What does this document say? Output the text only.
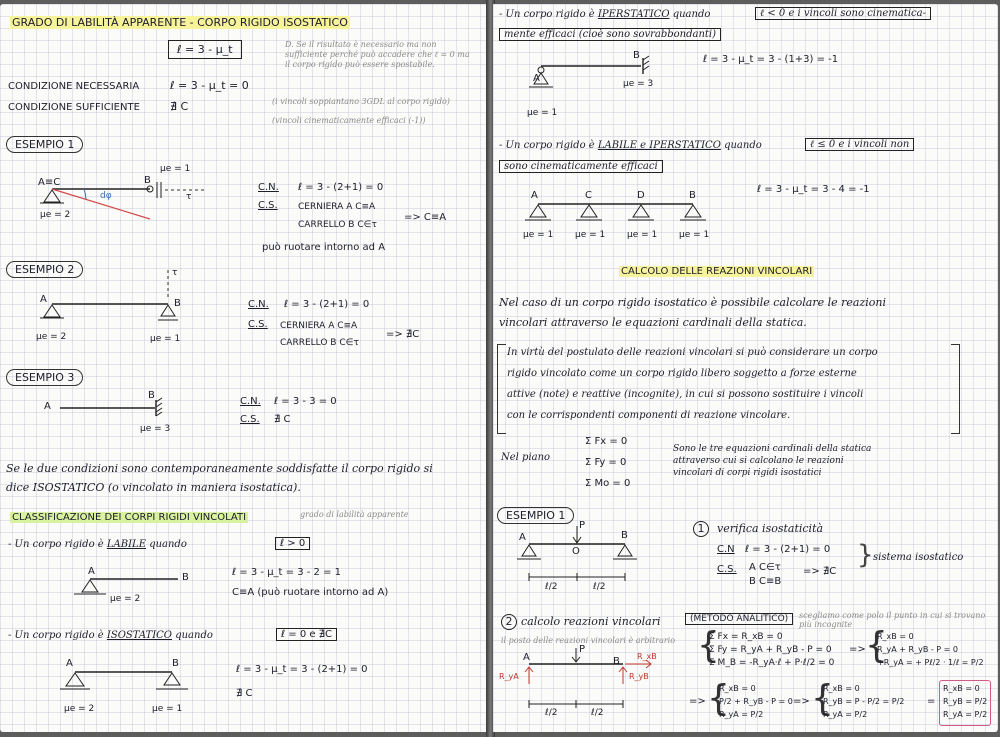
GRADO DI LABILITÀ APPARENTE - CORPO RIGIDO ISOSTATICO
ℓ = 3 - μ_t	D. Se il risultato è necessario ma non sufficiente perché può accadere che ℓ = 0 ma il corpo rigido può essere spostabile.
CONDIZIONE NECESSARIA	ℓ = 3 - μ_t = 0
CONDIZIONE SUFFICIENTE	∄ C	(i vincoli soppiantano 3GDL al corpo rigido)
(vincoli cinematicamente efficaci (-1))
ESEMPIO 1
A≡C	B
μe = 1
μe = 2
dφ	τ
C.N. ℓ = 3 - (2+1) = 0
C.S. CERNIERA A C≡A
CARRELLO B C∈τ
=> C≡A
può ruotare intorno ad A
ESEMPIO 2
A	B
τ
μe = 2	μe = 1
C.N. ℓ = 3 - (2+1) = 0
C.S. CERNIERA A C≡A
CARRELLO B C∈τ
=> ∄C
ESEMPIO 3
A
B
μe = 3
C.N. ℓ = 3 - 3 = 0
C.S. ∄ C
Se le due condizioni sono contemporaneamente soddisfatte il corpo rigido si
dice ISOSTATICO (o vincolato in maniera isostatica).
CLASSIFICAZIONE DEI CORPI RIGIDI VINCOLATI	grado di labilità apparente
- Un corpo rigido è LABILE quando	ℓ > 0
A
B
μe = 2
ℓ = 3 - μ_t = 3 - 2 = 1
C≡A (può ruotare intorno ad A)
- Un corpo rigido è ISOSTATICO quando	ℓ = 0 e ∄C
A	B
μe = 2	μe = 1
ℓ = 3 - μ_t = 3 - (2+1) = 0
∄ C
- Un corpo rigido è IPERSTATICO quando	ℓ < 0 e i vincoli sono cinematica-
mente efficaci (cioè sono sovrabbondanti)
A
B
μe = 1
μe = 3
ℓ = 3 - μ_t = 3 - (1+3) = -1
- Un corpo rigido è LABILE e IPERSTATICO quando	ℓ ≤ 0 e i vincoli non
sono cinematicamente efficaci
A	C	D	B
μe = 1 μe = 1 μe = 1 μe = 1
ℓ = 3 - μ_t = 3 - 4 = -1
CALCOLO DELLE REAZIONI VINCOLARI
Nel caso di un corpo rigido isostatico è possibile calcolare le reazioni
vincolari attraverso le equazioni cardinali della statica.
In virtù del postulato delle reazioni vincolari si può considerare un corpo
rigido vincolato come un corpo rigido libero soggetto a forze esterne
attive (note) e reattive (incognite), in cui si possono sostituire i vincoli
con le corrispondenti componenti di reazione vincolare.
Nel piano
Σ Fx = 0
Σ Fy = 0
Σ Mo = 0
Sono le tre equazioni cardinali della statica
attraverso cui si calcolano le reazioni
vincolari di corpi rigidi isostatici
ESEMPIO 1
A
O
B
P
ℓ/2	ℓ/2
1	verifica isostaticità
C.N ℓ = 3 - (2+1) = 0
C.S. A C∈τ
B C≡B
=> ∄C
} sistema isostatico
2 calcolo reazioni vincolari	(METODO ANALITICO)	scegliamo come polo il punto in cui si trovano più incognite
il posto delle reazioni vincolari è arbitrario
A	B
P
R_xB
R_yA	R_yB
ℓ/2	ℓ/2
{
Σ Fx = R_xB = 0
Σ Fy = R_yA + R_yB - P = 0
Σ M_B = -R_yA·ℓ + P·ℓ/2 = 0
=> {
R_xB = 0
R_yA + R_yB - P = 0
+R_yA = + Pℓ/2 · 1/ℓ = P/2
=> {
R_xB = 0
P/2 + R_yB - P = 0
R_yA = P/2
=> {
R_xB = 0
R_yB = P - P/2 = P/2
R_yA = P/2
=
R_xB = 0
R_yB = P/2
R_yA = P/2
